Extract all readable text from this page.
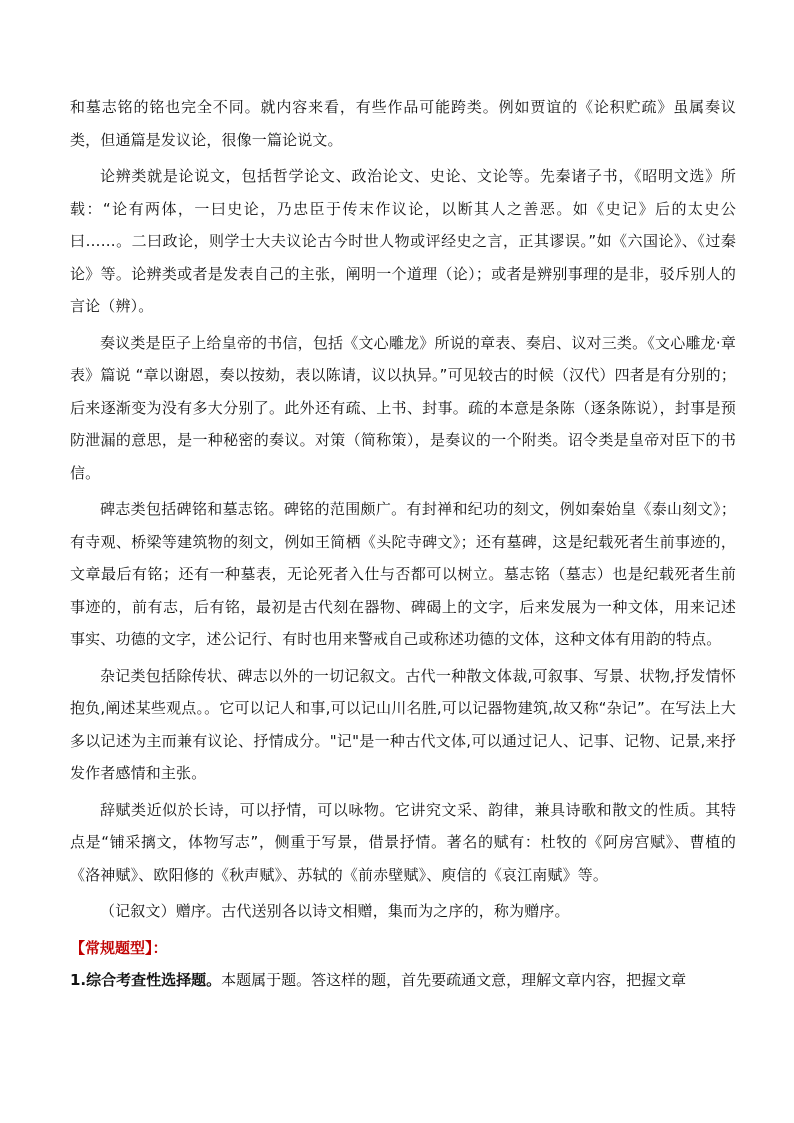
和墓志铭的铭也完全不同。就内容来看，有些作品可能跨类。例如贾谊的《论积贮疏》虽属奏议类，但通篇是发议论，很像一篇论说文。

论辨类就是论说文，包括哲学论文、政治论文、史论、文论等。先秦诸子书，《昭明文选》所载：“论有两体，一曰史论，乃忠臣于传末作议论，以断其人之善恶。如《史记》后的太史公曰……。二曰政论，则学士大夫议论古今时世人物或评经史之言，正其谬误。”如《六国论》、《过秦论》等。论辨类或者是发表自己的主张，阐明一个道理（论）；或者是辨别事理的是非，驳斥别人的言论（辨）。

奏议类是臣子上给皇帝的书信，包括《文心雕龙》所说的章表、奏启、议对三类。《文心雕龙·章表》篇说 “章以谢恩，奏以按劾，表以陈请，议以执异。”可见较古的时候（汉代）四者是有分别的；后来逐渐变为没有多大分别了。此外还有疏、上书、封事。疏的本意是条陈（逐条陈说），封事是预防泄漏的意思，是一种秘密的奏议。对策（简称策），是奏议的一个附类。诏令类是皇帝对臣下的书信。

碑志类包括碑铭和墓志铭。碑铭的范围颇广。有封禅和纪功的刻文，例如秦始皇《泰山刻文》；有寺观、桥梁等建筑物的刻文，例如王简栖《头陀寺碑文》；还有墓碑，这是纪载死者生前事迹的，文章最后有铭；还有一种墓表，无论死者入仕与否都可以树立。墓志铭（墓志）也是纪载死者生前事迹的，前有志，后有铭，最初是古代刻在器物、碑碣上的文字，后来发展为一种文体，用来记述事实、功德的文字，述公记行、有时也用来警戒自己或称述功德的文体，这种文体有用韵的特点。

杂记类包括除传状、碑志以外的一切记叙文。古代一种散文体裁,可叙事、写景、状物,抒发情怀抱负,阐述某些观点。。它可以记人和事,可以记山川名胜,可以记器物建筑,故又称“杂记”。在写法上大多以记述为主而兼有议论、抒情成分。"记"是一种古代文体,可以通过记人、记事、记物、记景,来抒发作者感情和主张。

辞赋类近似於长诗，可以抒情，可以咏物。它讲究文采、韵律，兼具诗歌和散文的性质。其特点是“铺采摛文，体物写志”，侧重于写景，借景抒情。著名的赋有：杜牧的《阿房宫赋》、曹植的《洛神赋》、欧阳修的《秋声赋》、苏轼的《前赤壁赋》、庾信的《哀江南赋》等。

（记叙文）赠序。古代送别各以诗文相赠，集而为之序的，称为赠序。

【常规题型】：

1.综合考查性选择题。本题属于题。答这样的题，首先要疏通文意，理解文章内容，把握文章
